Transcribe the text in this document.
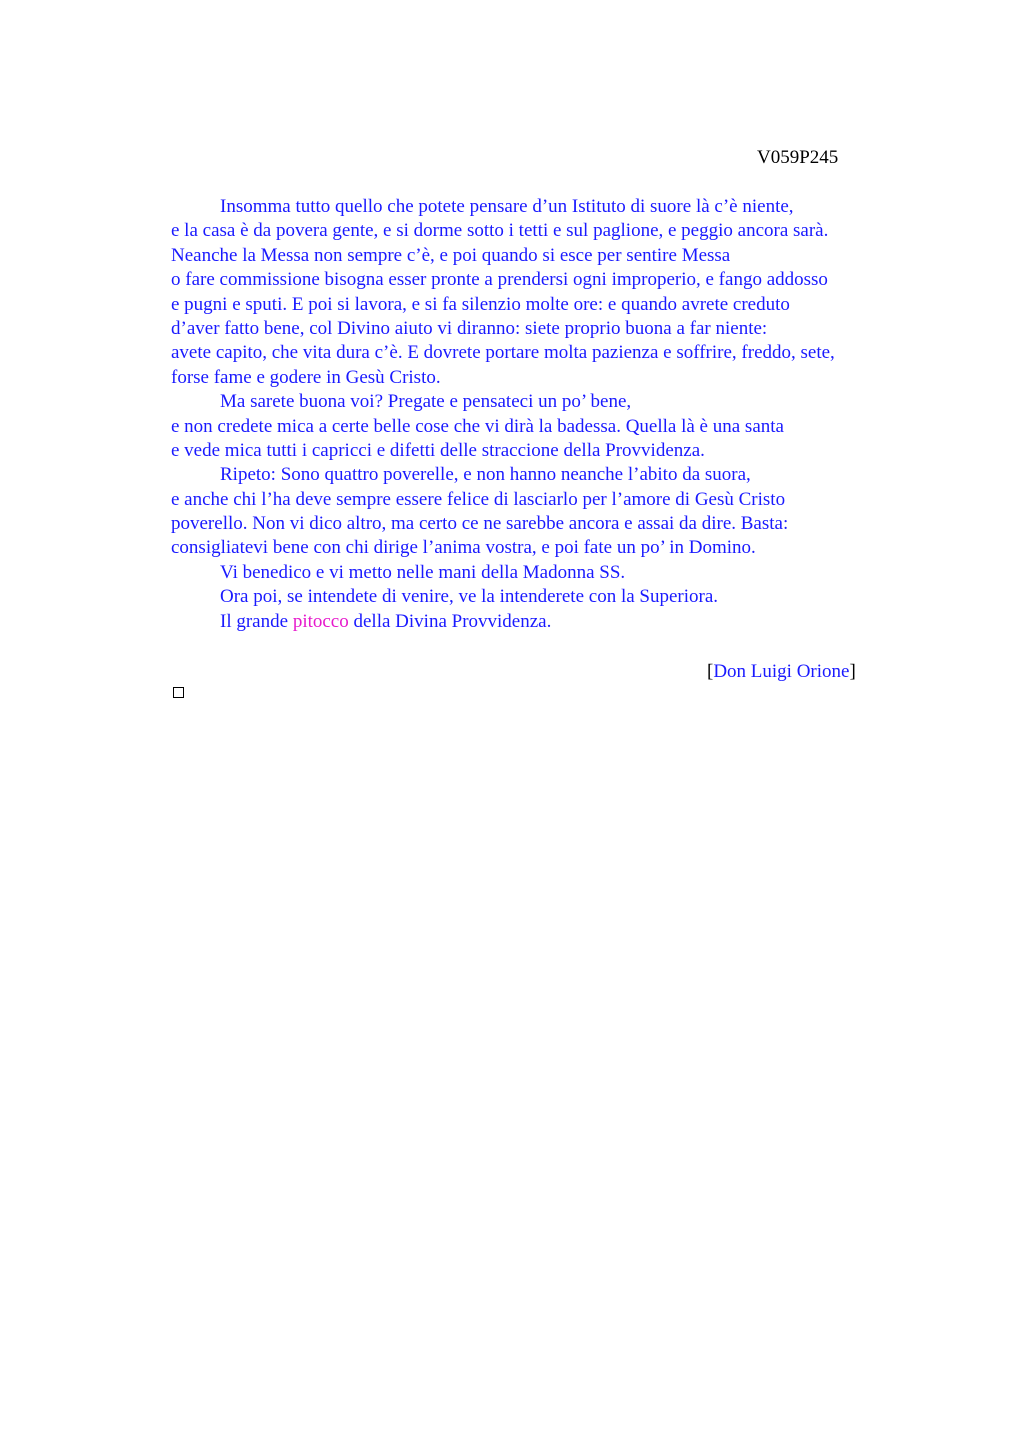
V059P245
Insomma tutto quello che potete pensare d’un Istituto di suore là c’è niente,
e la casa è da povera gente, e si dorme sotto i tetti e sul paglione, e peggio ancora sarà.
Neanche la Messa non sempre c’è, e poi quando si esce per sentire Messa
o fare commissione bisogna esser pronte a prendersi ogni improperio, e fango addosso
e pugni e sputi. E poi si lavora, e si fa silenzio molte ore: e quando avrete creduto
d’aver fatto bene, col Divino aiuto vi diranno: siete proprio buona a far niente:
avete capito, che vita dura c’è. E dovrete portare molta pazienza e soffrire, freddo, sete,
forse fame e godere in Gesù Cristo.
Ma sarete buona voi? Pregate e pensateci un po’ bene,
e non credete mica a certe belle cose che vi dirà la badessa. Quella là è una santa
e vede mica tutti i capricci e difetti delle straccione della Provvidenza.
Ripeto: Sono quattro poverelle, e non hanno neanche l’abito da suora,
e anche chi l’ha deve sempre essere felice di lasciarlo per l’amore di Gesù Cristo
poverello. Non vi dico altro, ma certo ce ne sarebbe ancora e assai da dire. Basta:
consigliatevi bene con chi dirige l’anima vostra, e poi fate un po’ in Domino.
Vi benedico e vi metto nelle mani della Madonna SS.
Ora poi, se intendete di venire, ve la intenderete con la Superiora.
Il grande pitocco della Divina Provvidenza.
[Don Luigi Orione]
